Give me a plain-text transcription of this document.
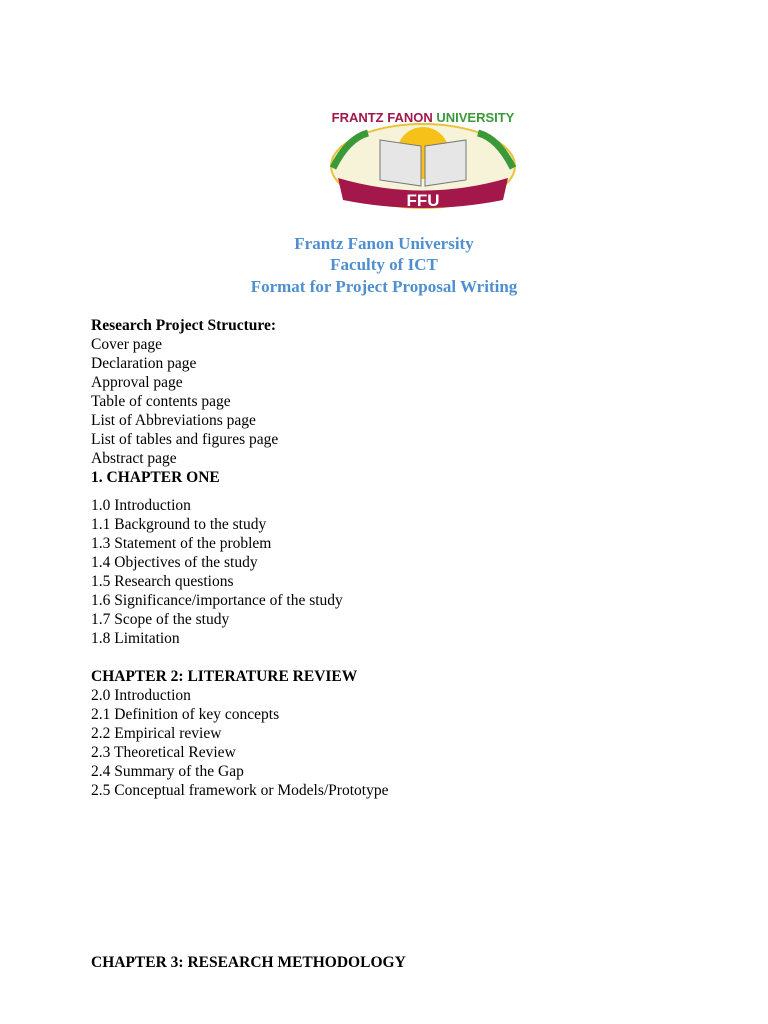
FFU
FRANTZ FANON UNIVERSITY
Frantz Fanon University
Faculty of ICT
Format for Project Proposal Writing
Research Project Structure:
Cover page
Declaration page
Approval page
Table of contents page
List of Abbreviations page
List of tables and figures page
Abstract page
1. CHAPTER ONE
1.0 Introduction
1.1 Background to the study
1.3 Statement of the problem
1.4 Objectives of the study
1.5 Research questions
1.6 Significance/importance of the study
1.7 Scope of the study
1.8 Limitation
CHAPTER 2: LITERATURE REVIEW
2.0 Introduction
2.1 Definition of key concepts
2.2 Empirical review
2.3 Theoretical Review
2.4 Summary of the Gap
2.5 Conceptual framework or Models/Prototype
CHAPTER 3: RESEARCH METHODOLOGY
